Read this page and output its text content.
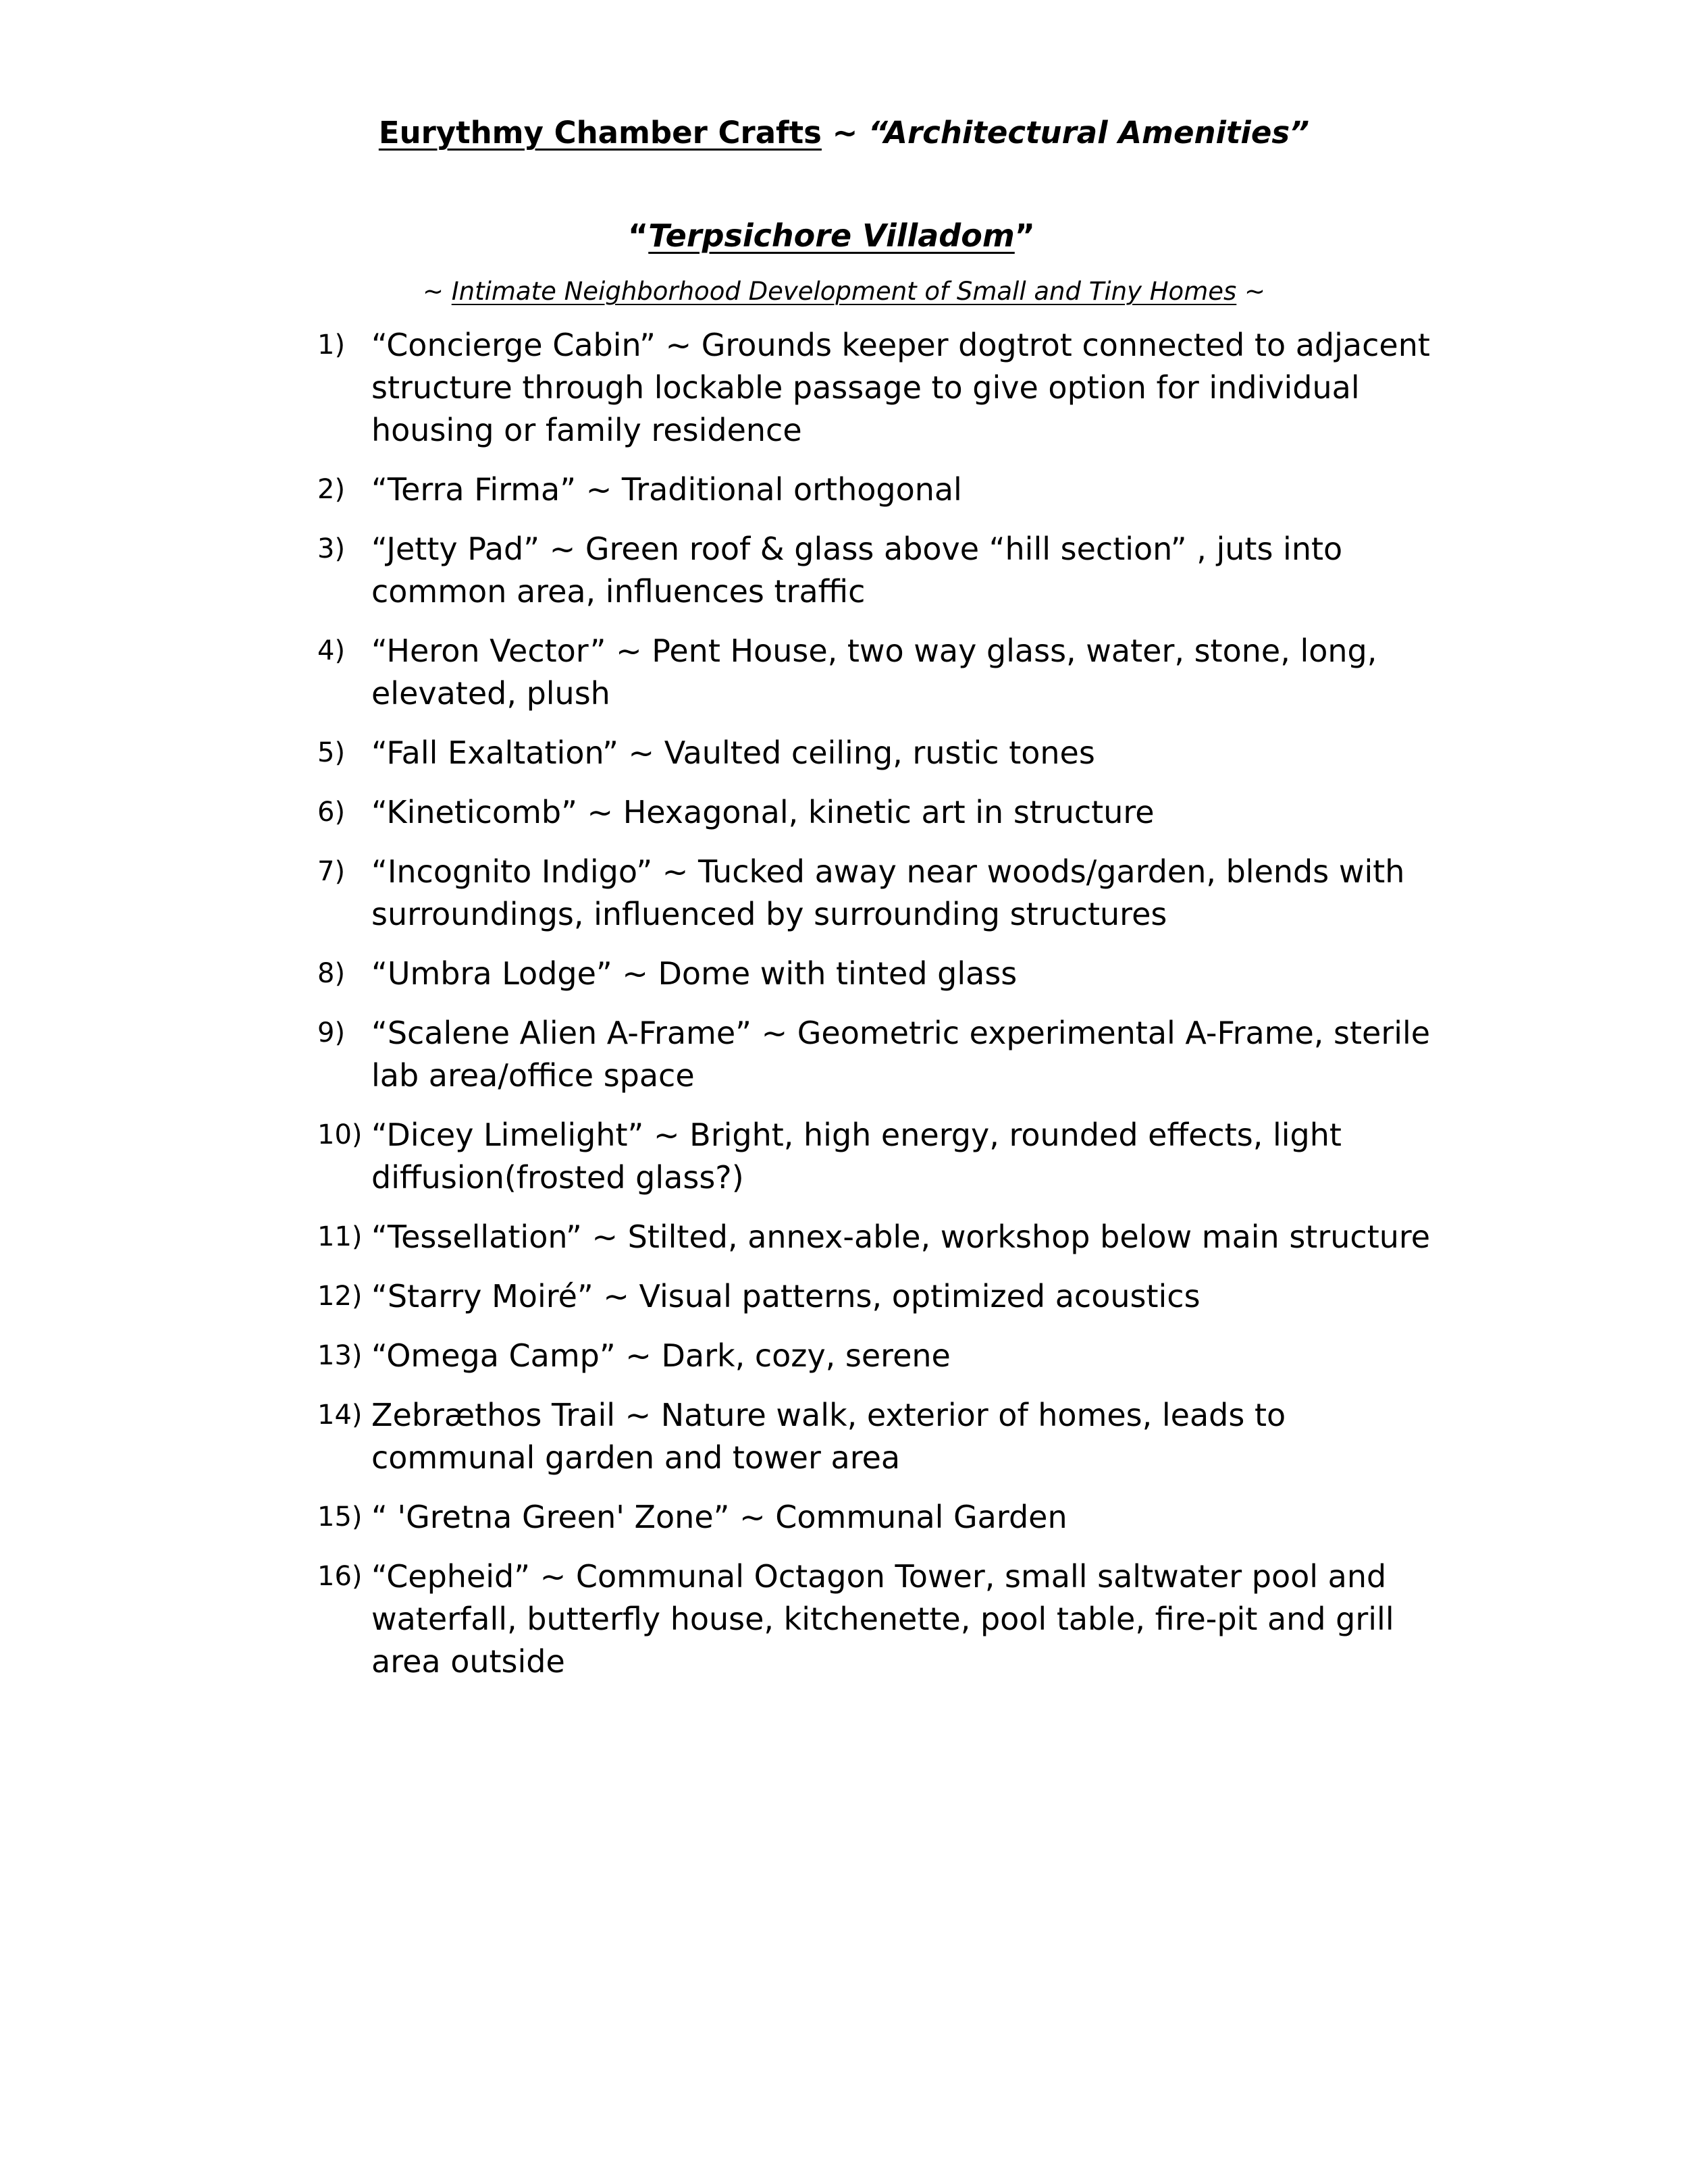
Eurythmy Chamber Crafts ~ “Architectural Amenities”
“Terpsichore Villadom”
~ Intimate Neighborhood Development of Small and Tiny Homes ~
1) “Concierge Cabin” ~ Grounds keeper dogtrot connected to adjacent structure through lockable passage to give option for individual housing or family residence
2) “Terra Firma” ~ Traditional orthogonal
3) “Jetty Pad” ~ Green roof & glass above “hill section” , juts into common area, influences traffic
4) “Heron Vector” ~ Pent House, two way glass, water, stone, long, elevated, plush
5) “Fall Exaltation” ~ Vaulted ceiling, rustic tones
6) “Kineticomb” ~ Hexagonal, kinetic art in structure
7) “Incognito Indigo” ~ Tucked away near woods/garden, blends with surroundings, influenced by surrounding structures
8) “Umbra Lodge” ~ Dome with tinted glass
9) “Scalene Alien A-Frame” ~ Geometric experimental A-Frame, sterile lab area/office space
10) “Dicey Limelight” ~ Bright, high energy, rounded effects, light diffusion(frosted glass?)
11) “Tessellation” ~ Stilted, annex-able, workshop below main structure
12) “Starry Moiré” ~ Visual patterns, optimized acoustics
13) “Omega Camp” ~ Dark, cozy, serene
14) Zebræthos Trail ~ Nature walk, exterior of homes, leads to communal garden and tower area
15) “ 'Gretna Green' Zone” ~ Communal Garden
16) “Cepheid” ~ Communal Octagon Tower, small saltwater pool and waterfall, butterfly house, kitchenette, pool table, fire-pit and grill area outside
